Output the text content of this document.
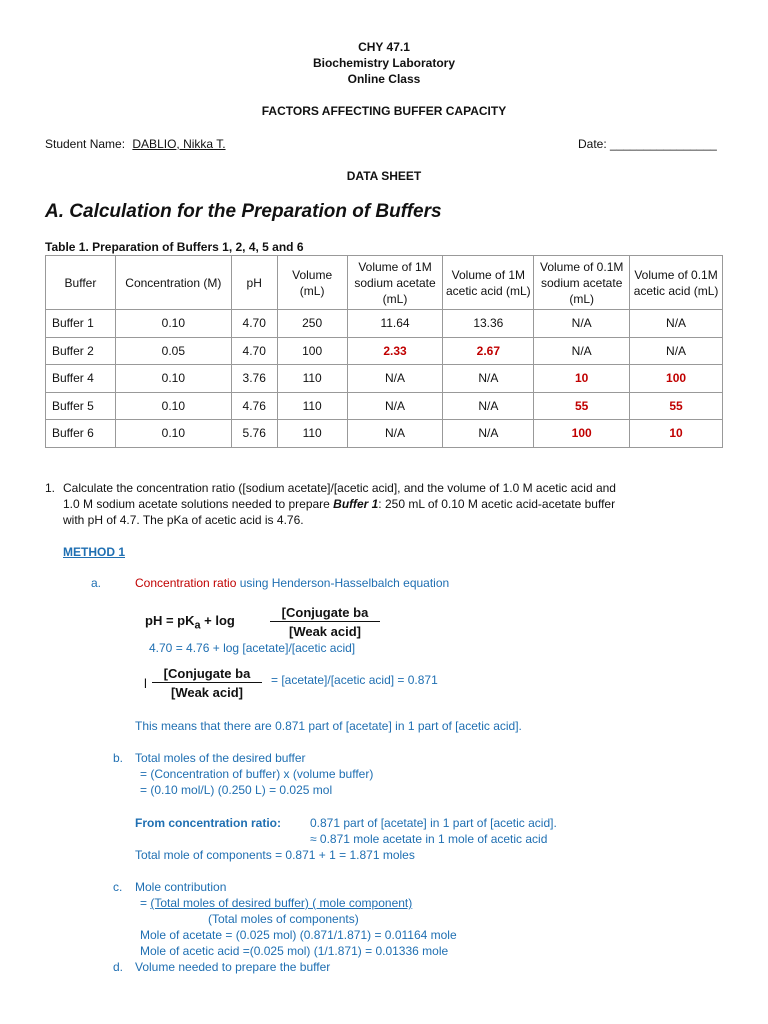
CHY 47.1
Biochemistry Laboratory
Online Class
FACTORS AFFECTING BUFFER CAPACITY
Student Name: DABLIO, Nikka T.	Date: ________________
DATA SHEET
A. Calculation for the Preparation of Buffers
Table 1. Preparation of Buffers 1, 2, 4, 5 and 6
Buffer	Concentration (M)	pH	Volume (mL)	Volume of 1M sodium acetate (mL)	Volume of 1M acetic acid (mL)	Volume of 0.1M sodium acetate (mL)	Volume of 0.1M acetic acid (mL)
Buffer 1	0.10	4.70	250	11.64	13.36	N/A	N/A
Buffer 2	0.05	4.70	100	2.33	2.67	N/A	N/A
Buffer 4	0.10	3.76	110	N/A	N/A	10	100
Buffer 5	0.10	4.76	110	N/A	N/A	55	55
Buffer 6	0.10	5.76	110	N/A	N/A	100	10
1. Calculate the concentration ratio ([sodium acetate]/[acetic acid], and the volume of 1.0 M acetic acid and
1.0 M sodium acetate solutions needed to prepare Buffer 1: 250 mL of 0.10 M acetic acid-acetate buffer
with pH of 4.7. The pKa of acetic acid is 4.76.
METHOD 1
a.	Concentration ratio using Henderson-Hasselbalch equation
pH = $pK_a + \log$
[Conjugate ba
[Weak acid]
4.70 = 4.76 + log [acetate]/[acetic acid]
l
[Conjugate ba
[Weak acid]
= [acetate]/[acetic acid] = 0.871
This means that there are 0.871 part of [acetate] in 1 part of [acetic acid].
b. Total moles of the desired buffer
= (Concentration of buffer) x (volume buffer)
= (0.10 mol/L) (0.250 L) = 0.025 mol
From concentration ratio: 0.871 part of [acetate] in 1 part of [acetic acid].
≈ 0.871 mole acetate in 1 mole of acetic acid
Total mole of components = 0.871 + 1 = 1.871 moles
c. Mole contribution
= (Total moles of desired buffer) ( mole component)
(Total moles of components)
Mole of acetate = (0.025 mol) (0.871/1.871) = 0.01164 mole
Mole of acetic acid =(0.025 mol) (1/1.871) = 0.01336 mole
d. Volume needed to prepare the buffer
